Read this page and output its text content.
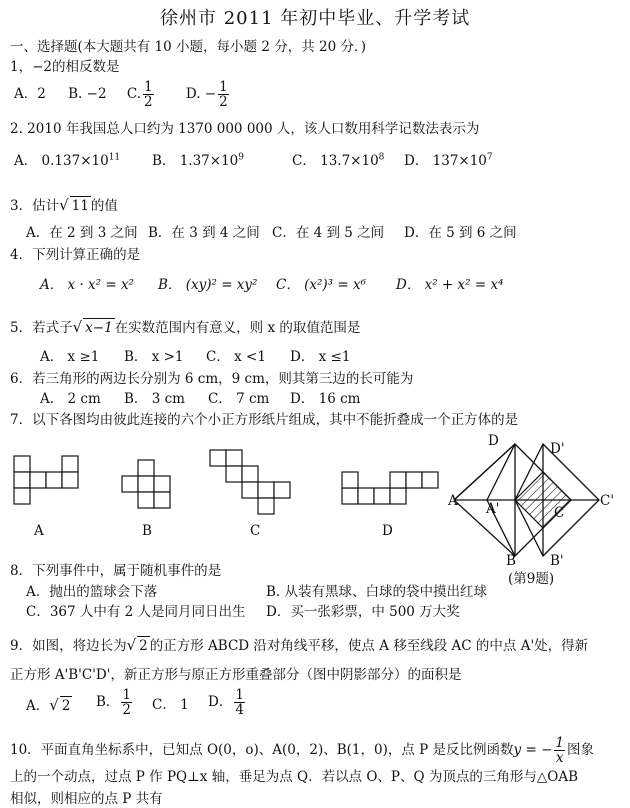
徐州市 2011 年初中毕业、升学考试
一、选择题(本大题共有 10 小题，每小题 2 分，共 20 分．)
1，−2的相反数是
A．2 B. −2 C. $\frac{1}{2} D$. − $\frac{1}{2}$
2. 2010 年我国总人口约为 1370 000 000 人，该人口数用科学记数法表示为
A． $0.137\times 10^{11}$ B． $1.37\times 10^9$	C． $13.7\times 10^8$ D． $137\times 10^7$
3．估计√ 11 的值
A．在 2 到 3 之间 B．在 3 到 4 之间 C．在 4 到 5 之间 D．在 5 到 6 之间
4．下列计算正确的是
A． x · x² = x² B． (xy)² = xy² C． (x²)³ = x⁶ D． x² + x² = x⁴
5．若式子√ x−1 在实数范围内有意义，则 x 的取值范围是
A． x ≥1 B． x >1 C． x <1 D． x ≤1
6．若三角形的两边长分别为 6 cm，9 cm，则其第三边的长可能为
A． 2 cm B． 3 cm C． 7 cm D． 16 cm
7．以下各图均由彼此连接的六个小正方形纸片组成，其中不能折叠成一个正方体的是
A	B	C	D
D	D'
A A'	C
C'
B	B'
(第9题)
8．下列事件中，属于随机事件的是
A．抛出的篮球会下落	B. 从装有黑球、白球的袋中摸出红球
C．367 人中有 2 人是同月同日出生 D．买一张彩票，中 500 万大奖
9．如图，将边长为√ 2 的正方形 ABCD 沿对角线平移，使点 A 移至线段 AC 的中点 A'处，得新
正方形 A'B'C'D'，新正方形与原正方形重叠部分（图中阴影部分）的面积是
A．√ 2 B． $\frac{1}{2}$ C． 1 D． $\frac{1}{4}$
10．平面直角坐标系中，已知点 O(0，o)、A(0，2)、B(1，0)，点 P 是反比例函数y = − $\frac{1}{x}$ 图象
上的一个动点，过点 P 作 PQ⊥x 轴，垂足为点 Q．若以点 O、P、Q 为顶点的三角形与△OAB
相似，则相应的点 P 共有
